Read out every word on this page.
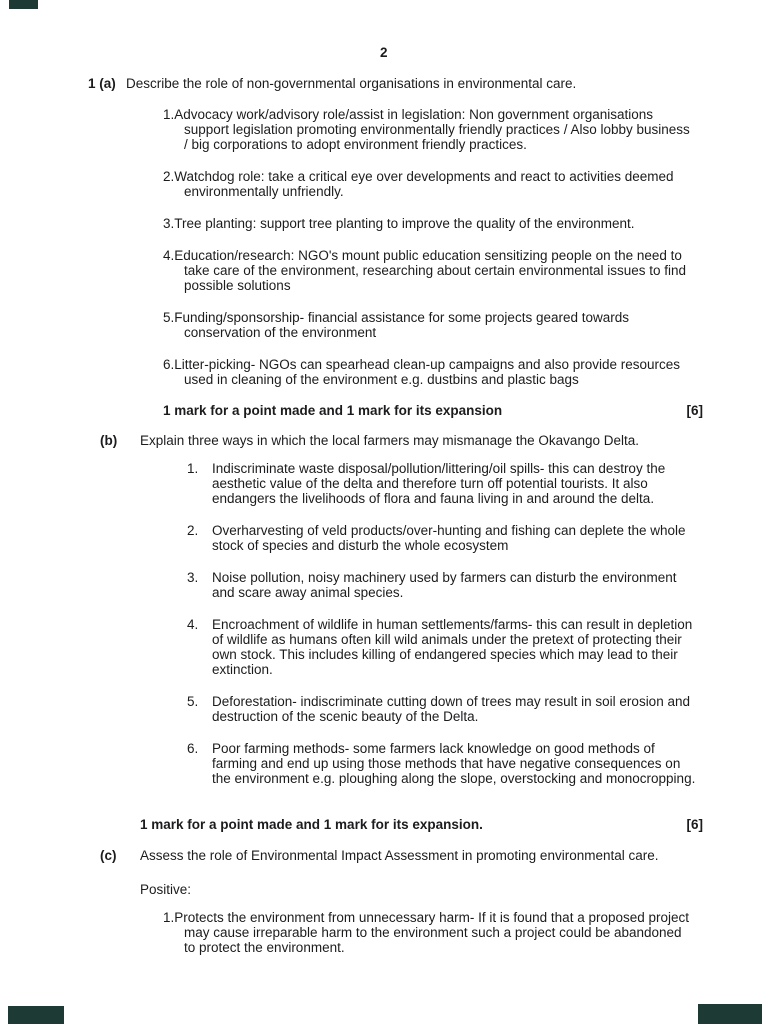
2
1 (a) Describe the role of non-governmental organisations in environmental care.
1.Advocacy work/advisory role/assist in legislation: Non government organisations support legislation promoting environmentally friendly practices / Also lobby business / big corporations to adopt environment friendly practices.
2.Watchdog role: take a critical eye over developments and react to activities deemed environmentally unfriendly.
3.Tree planting: support tree planting to improve the quality of the environment.
4.Education/research: NGO's mount public education sensitizing people on the need to take care of the environment, researching about certain environmental issues to find possible solutions
5.Funding/sponsorship- financial assistance for some projects geared towards conservation of the environment
6.Litter-picking- NGOs can spearhead clean-up campaigns and also provide resources used in cleaning of the environment e.g. dustbins and plastic bags
1 mark for a point made and 1 mark for its expansion	[6]
(b)	Explain three ways in which the local farmers may mismanage the Okavango Delta.
1. Indiscriminate waste disposal/pollution/littering/oil spills- this can destroy the aesthetic value of the delta and therefore turn off potential tourists. It also endangers the livelihoods of flora and fauna living in and around the delta.
2. Overharvesting of veld products/over-hunting and fishing can deplete the whole stock of species and disturb the whole ecosystem
3. Noise pollution, noisy machinery used by farmers can disturb the environment and scare away animal species.
4. Encroachment of wildlife in human settlements/farms- this can result in depletion of wildlife as humans often kill wild animals under the pretext of protecting their own stock. This includes killing of endangered species which may lead to their extinction.
5. Deforestation- indiscriminate cutting down of trees may result in soil erosion and destruction of the scenic beauty of the Delta.
6. Poor farming methods- some farmers lack knowledge on good methods of farming and end up using those methods that have negative consequences on the environment e.g. ploughing along the slope, overstocking and monocropping.
1 mark for a point made and 1 mark for its expansion.	[6]
(c)	Assess the role of Environmental Impact Assessment in promoting environmental care.
Positive:
1.Protects the environment from unnecessary harm- If it is found that a proposed project may cause irreparable harm to the environment such a project could be abandoned to protect the environment.
